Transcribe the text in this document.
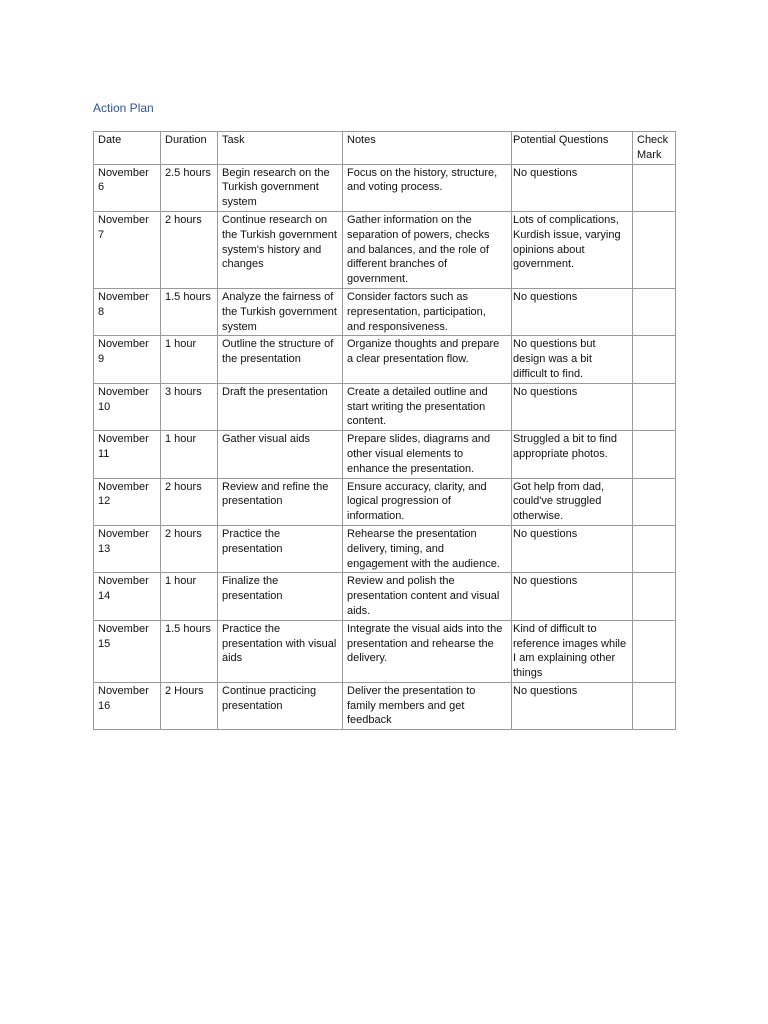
Action Plan
Date	Duration	Task	Notes	Potential Questions	Check Mark
November 6	2.5 hours	Begin research on the Turkish government system	Focus on the history, structure, and voting process.	No questions	
November 7	2 hours	Continue research on the Turkish government system's history and changes	Gather information on the separation of powers, checks and balances, and the role of different branches of government.	Lots of complications, Kurdish issue, varying opinions about government.	
November 8	1.5 hours	Analyze the fairness of the Turkish government system	Consider factors such as representation, participation, and responsiveness.	No questions	
November 9	1 hour	Outline the structure of the presentation	Organize thoughts and prepare a clear presentation flow.	No questions but design was a bit difficult to find.	
November 10	3 hours	Draft the presentation	Create a detailed outline and start writing the presentation content.	No questions	
November 11	1 hour	Gather visual aids	Prepare slides, diagrams and other visual elements to enhance the presentation.	Struggled a bit to find appropriate photos.	
November 12	2 hours	Review and refine the presentation	Ensure accuracy, clarity, and logical progression of information.	Got help from dad, could've struggled otherwise.	
November 13	2 hours	Practice the presentation	Rehearse the presentation delivery, timing, and engagement with the audience.	No questions	
November 14	1 hour	Finalize the presentation	Review and polish the presentation content and visual aids.	No questions	
November 15	1.5 hours	Practice the presentation with visual aids	Integrate the visual aids into the presentation and rehearse the delivery.	Kind of difficult to reference images while I am explaining other things	
November 16	2 Hours	Continue practicing presentation	Deliver the presentation to family members and get feedback	No questions	
